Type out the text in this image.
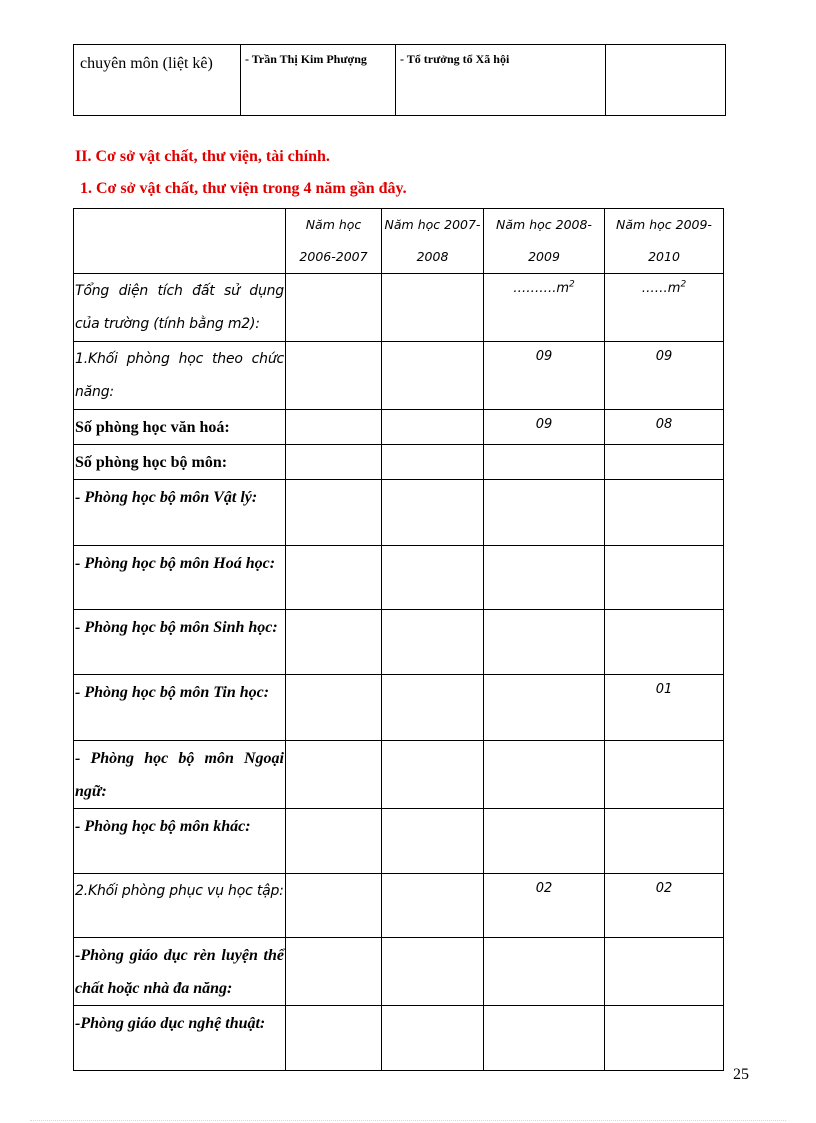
chuyên môn (liệt kê)	- Trần Thị Kim Phượng	- Tổ trưởng tổ Xã hội	
II. Cơ sở vật chất, thư viện, tài chính.
1. Cơ sở vật chất, thư viện trong 4 năm gần đây.
	Năm học 2006-2007	Năm học 2007-2008	Năm học 2008-2009	Năm học 2009-2010
Tổng diện tích đất sử dụng của trường (tính bằng m2):			$\dots\dots\dots.m^2$	$\dots\dots m^2$
1.Khối phòng học theo chức năng:			09	09
Số phòng học văn hoá:			09	08
Số phòng học bộ môn:				
- Phòng học bộ môn Vật lý:				
- Phòng học bộ môn Hoá học:				
- Phòng học bộ môn Sinh học:				
- Phòng học bộ môn Tin học:				01
- Phòng học bộ môn Ngoại ngữ:				
- Phòng học bộ môn khác:				
2.Khối phòng phục vụ học tập:			02	02
-Phòng giáo dục rèn luyện thể chất hoặc nhà đa năng:				
-Phòng giáo dục nghệ thuật:				
25
